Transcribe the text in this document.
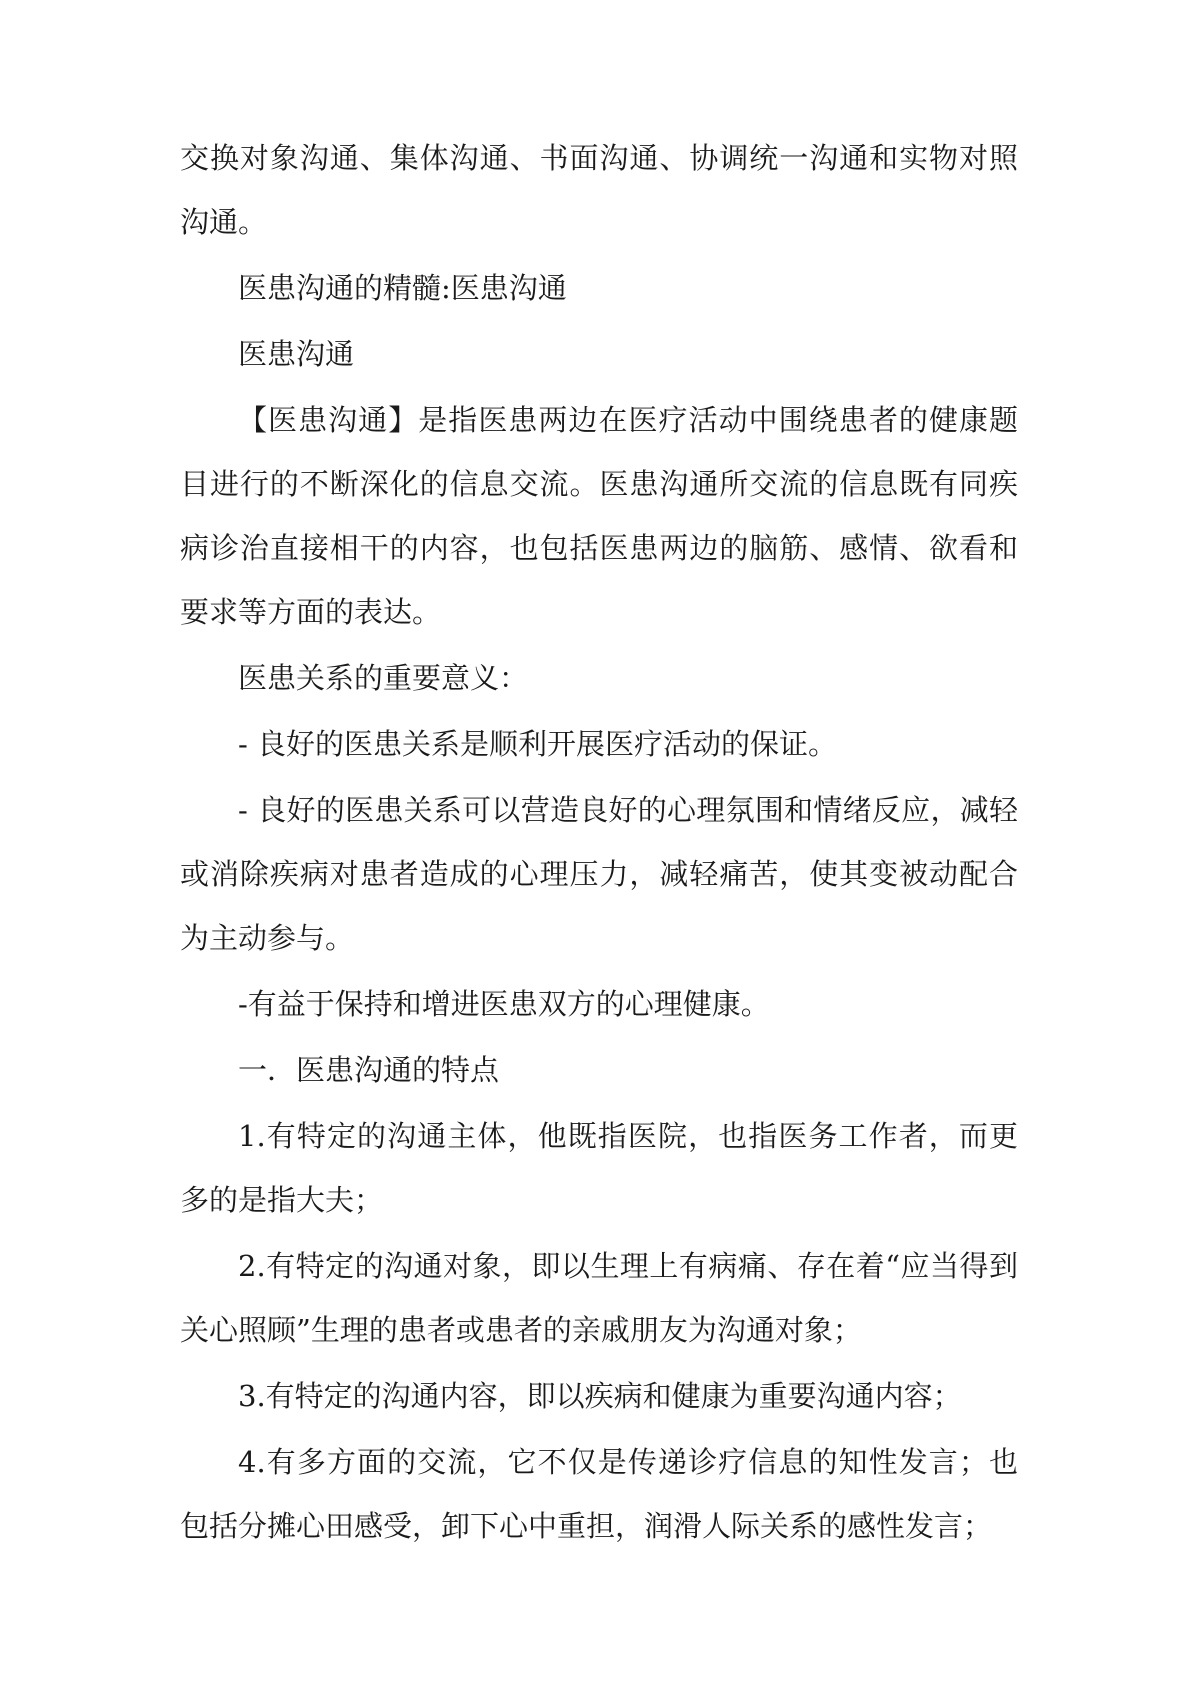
交换对象沟通、集体沟通、书面沟通、协调统一沟通和实物对照沟通。

医患沟通的精髓:医患沟通

医患沟通

【医患沟通】是指医患两边在医疗活动中围绕患者的健康题目进行的不断深化的信息交流。医患沟通所交流的信息既有同疾病诊治直接相干的内容，也包括医患两边的脑筋、感情、欲看和要求等方面的表达。

医患关系的重要意义：

- 良好的医患关系是顺利开展医疗活动的保证。

- 良好的医患关系可以营造良好的心理氛围和情绪反应，减轻或消除疾病对患者造成的心理压力，减轻痛苦，使其变被动配合为主动参与。

-有益于保持和增进医患双方的心理健康。

一．医患沟通的特点

1.有特定的沟通主体，他既指医院，也指医务工作者，而更多的是指大夫；

2.有特定的沟通对象，即以生理上有病痛、存在着“应当得到关心照顾”生理的患者或患者的亲戚朋友为沟通对象；

3.有特定的沟通内容，即以疾病和健康为重要沟通内容；

4.有多方面的交流，它不仅是传递诊疗信息的知性发言；也包括分摊心田感受，卸下心中重担，润滑人际关系的感性发言；
